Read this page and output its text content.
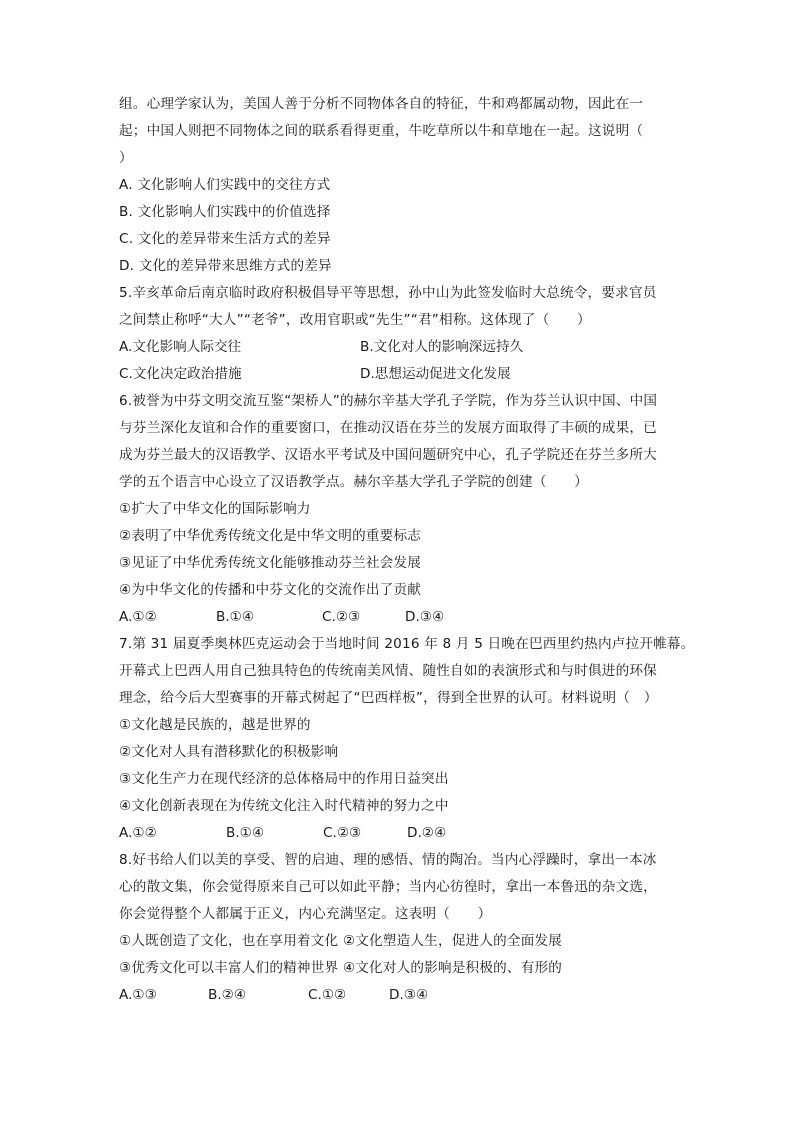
组。心理学家认为，美国人善于分析不同物体各自的特征，牛和鸡都属动物，因此在一
起；中国人则把不同物体之间的联系看得更重，牛吃草所以牛和草地在一起。这说明（
）
A. 文化影响人们实践中的交往方式
B. 文化影响人们实践中的价值选择
C. 文化的差异带来生活方式的差异
D. 文化的差异带来思维方式的差异
5.辛亥革命后南京临时政府积极倡导平等思想，孙中山为此签发临时大总统令，要求官员
之间禁止称呼“大人”“老爷”，改用官职或“先生”“君”相称。这体现了（　　）
A.文化影响人际交往	B.文化对人的影响深远持久
C.文化决定政治措施	D.思想运动促进文化发展
6.被誉为中芬文明交流互鉴“架桥人”的赫尔辛基大学孔子学院，作为芬兰认识中国、中国
与芬兰深化友谊和合作的重要窗口，在推动汉语在芬兰的发展方面取得了丰硕的成果，已
成为芬兰最大的汉语教学、汉语水平考试及中国问题研究中心，孔子学院还在芬兰多所大
学的五个语言中心设立了汉语教学点。赫尔辛基大学孔子学院的创建（　　）
①扩大了中华文化的国际影响力
②表明了中华优秀传统文化是中华文明的重要标志
③见证了中华优秀传统文化能够推动芬兰社会发展
④为中华文化的传播和中芬文化的交流作出了贡献
A.①②	B.①④	C.②③	D.③④
7.第 31 届夏季奥林匹克运动会于当地时间 2016 年 8 月 5 日晚在巴西里约热内卢拉开帷幕。
开幕式上巴西人用自己独具特色的传统南美风情、随性自如的表演形式和与时俱进的环保
理念，给今后大型赛事的开幕式树起了“巴西样板”，得到全世界的认可。材料说明（　）
①文化越是民族的，越是世界的
②文化对人具有潜移默化的积极影响
③文化生产力在现代经济的总体格局中的作用日益突出
④文化创新表现在为传统文化注入时代精神的努力之中
A.①②	B.①④	C.②③	D.②④
8.好书给人们以美的享受、智的启迪、理的感悟、情的陶冶。当内心浮躁时，拿出一本冰
心的散文集，你会觉得原来自己可以如此平静；当内心彷徨时，拿出一本鲁迅的杂文选，
你会觉得整个人都属于正义，内心充满坚定。这表明（　　）
①人既创造了文化，也在享用着文化 ②文化塑造人生，促进人的全面发展
③优秀文化可以丰富人们的精神世界 ④文化对人的影响是积极的、有形的
A.①③	B.②④	C.①②	D.③④
